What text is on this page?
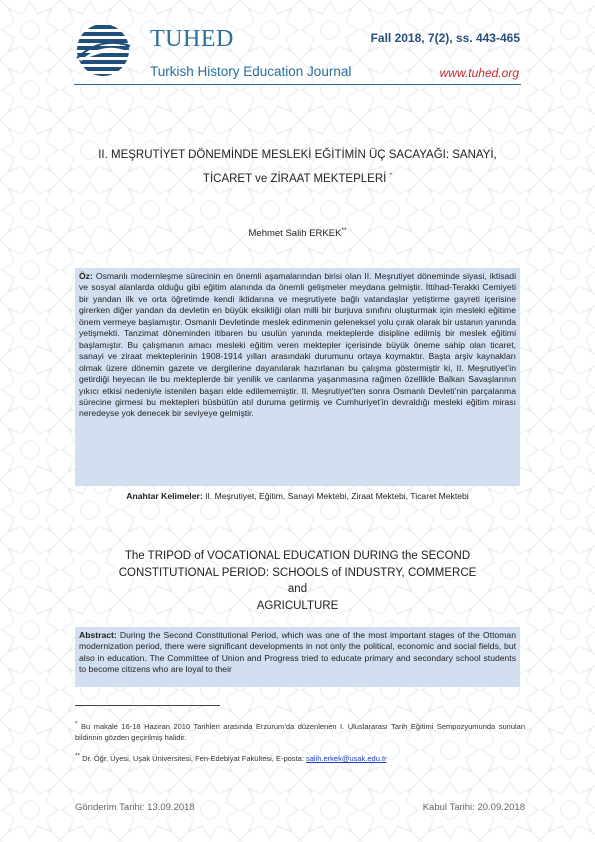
TUHED	Fall 2018, 7(2), ss. 443-465
Turkish History Education Journal	www.tuhed.org
II. MEŞRUTİYET DÖNEMİNDE MESLEKİ EĞİTİMİN ÜÇ SACAYAĞI: SANAYİ,
TİCARET ve ZİRAAT MEKTEPLERİ *
Mehmet Salih ERKEK**
Öz: Osmanlı modernleşme sürecinin en önemli aşamalarından birisi olan II. Meşrutiyet döneminde siyasi, iktisadi ve sosyal alanlarda olduğu gibi eğitim alanında da önemli gelişmeler meydana gelmiştir. İttihad-Terakki Cemiyeti bir yandan ilk ve orta öğretimde kendi iktidarına ve meşrutiyete bağlı vatandaşlar yetiştirme gayreti içerisine girerken diğer yandan da devletin en büyük eksikliği olan milli bir burjuva sınıfını oluşturmak için mesleki eğitime önem vermeye başlamıştır. Osmanlı Devletinde meslek edinmenin geleneksel yolu çırak olarak bir ustanın yanında yetişmekti. Tanzimat döneminden itibaren bu usulün yanında mekteplerde disipline edilmiş bir meslek eğitimi başlamıştır. Bu çalışmanın amacı mesleki eğitim veren mektepler içerisinde büyük öneme sahip olan ticaret, sanayi ve ziraat mekteplerinin 1908-1914 yılları arasındaki durumunu ortaya koymaktır. Başta arşiv kaynakları olmak üzere dönemin gazete ve dergilerine dayanılarak hazırlanan bu çalışma göstermiştir ki, II. Meşrutiyet’in getirdiği heyecan ile bu mekteplerde bir yenilik ve canlanma yaşanmasına rağmen özellikle Balkan Savaşlarının yıkıcı etkisi nedeniyle istenilen başarı elde edilememiştir. II. Meşrutiyet’ten sonra Osmanlı Devleti’nin parçalanma sürecine girmesi bu mektepleri büsbütün atıl duruma getirmiş ve Cumhuriyet’in devraldığı mesleki eğitim mirası neredeyse yok denecek bir seviyeye gelmiştir.
Anahtar Kelimeler: II. Meşrutiyet, Eğitim, Sanayi Mektebi, Ziraat Mektebi, Ticaret Mektebi
The TRIPOD of VOCATIONAL EDUCATION DURING the SECOND
CONSTITUTIONAL PERIOD: SCHOOLS of INDUSTRY, COMMERCE and
AGRICULTURE
Abstract: During the Second Constitutional Period, which was one of the most important stages of the Ottoman modernization period, there were significant developments in not only the political, economic and social fields, but also in education. The Committee of Union and Progress tried to educate primary and secondary school students to become citizens who are loyal to their
* Bu makale 16-18 Haziran 2010 Tarihleri arasında Erzurum’da düzenlenen I. Uluslararası Tarih Eğitimi Sempozyumunda sunulan bildirinin gözden geçirilmiş halidir.
** Dr. Öğr. Üyesi, Uşak Üniversitesi, Fen-Edebiyat Fakültesi, E-posta: salih.erkek@usak.edu.tr
Gönderim Tarihi: 13.09.2018	Kabul Tarihi: 20.09.2018
